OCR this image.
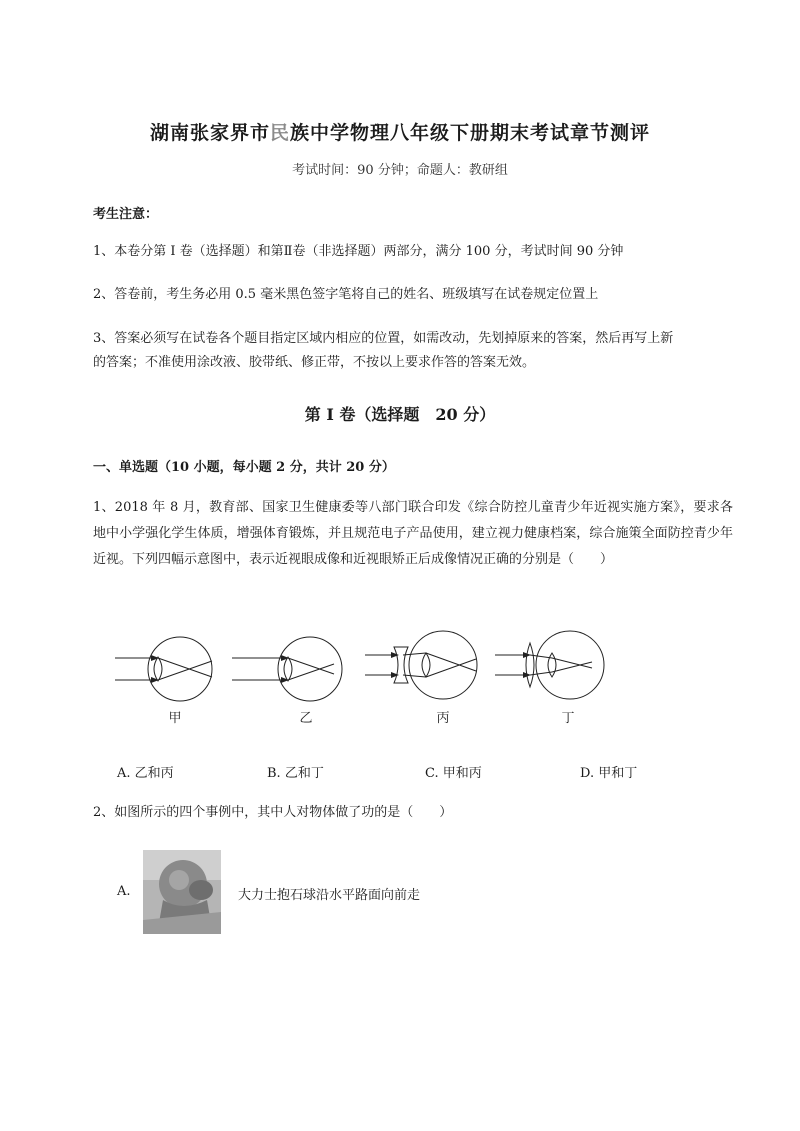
湖南张家界市民族中学物理八年级下册期末考试章节测评
考试时间：90 分钟；命题人：教研组
考生注意：
1、本卷分第 I 卷（选择题）和第Ⅱ卷（非选择题）两部分，满分 100 分，考试时间 90 分钟
2、答卷前，考生务必用 0.5 毫米黑色签字笔将自己的姓名、班级填写在试卷规定位置上
3、答案必须写在试卷各个题目指定区域内相应的位置，如需改动，先划掉原来的答案，然后再写上新
的答案；不准使用涂改液、胶带纸、修正带，不按以上要求作答的答案无效。
第 I 卷（选择题　20 分）
一、单选题（10 小题，每小题 2 分，共计 20 分）
1、2018 年 8 月，教育部、国家卫生健康委等八部门联合印发《综合防控儿童青少年近视实施方案》，要求各地中小学强化学生体质，增强体育锻炼，并且规范电子产品使用，建立视力健康档案，综合施策全面防控青少年近视。下列四幅示意图中，表示近视眼成像和近视眼矫正后成像情况正确的分别是（　　）
甲	乙	丙	丁
A. 乙和丙	B. 乙和丁	C. 甲和丙	D. 甲和丁
2、如图所示的四个事例中，其中人对物体做了功的是（　　）
A.	大力士抱石球沿水平路面向前走
